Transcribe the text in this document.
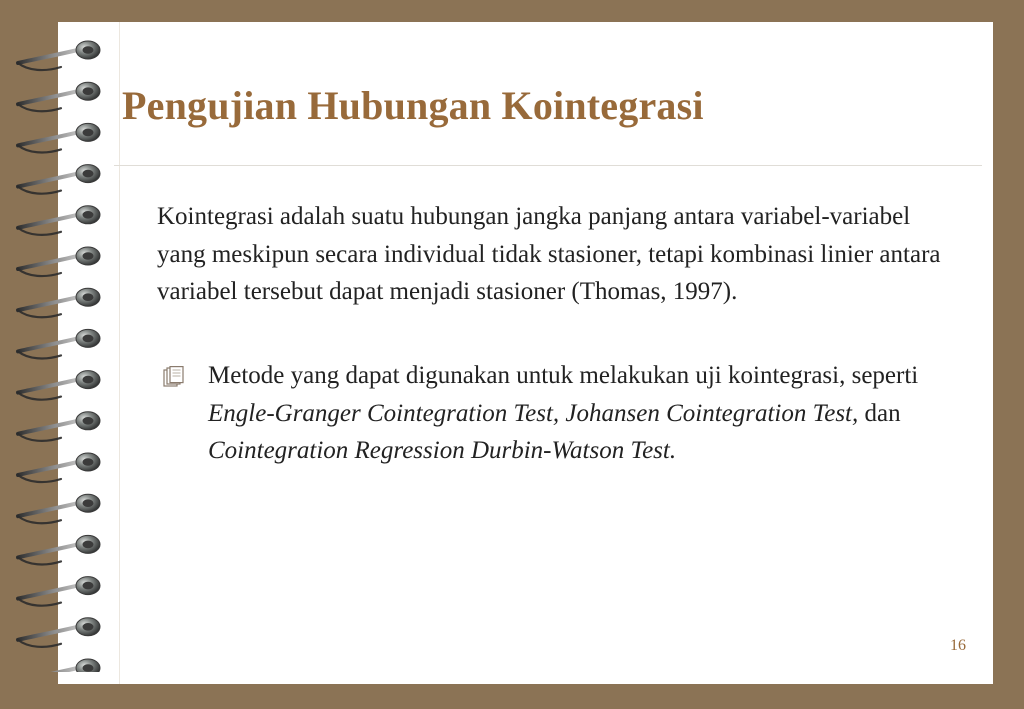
Pengujian Hubungan Kointegrasi

Kointegrasi adalah suatu hubungan jangka panjang antara variabel-variabel yang meskipun secara individual tidak stasioner, tetapi kombinasi linier antara variabel tersebut dapat menjadi stasioner (Thomas, 1997).

Metode yang dapat digunakan untuk melakukan uji kointegrasi, seperti Engle-Granger Cointegration Test, Johansen Cointegration Test, dan Cointegration Regression Durbin-Watson Test.

16
